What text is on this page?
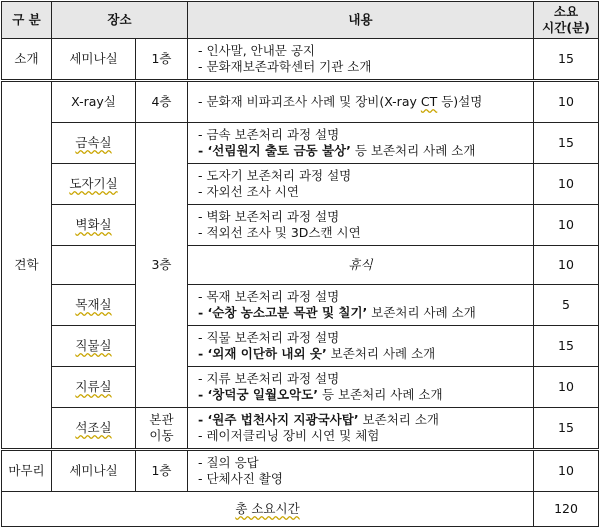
구 분	장소		내용	소요
시간(분)

소개	세미나실	1층	- 인사말, 안내문 공지
- 문화재보존과학센터 기관 소개	15
견학	X-ray실	4층	- 문화재 비파괴조사 사례 및 장비(X-ray CT 등)설명	10
	금속실	3층	- 금속 보존처리 과정 설명
- ‘선림원지 출토 금동 불상’ 등 보존처리 사례 소개	15
	도자기실		- 도자기 보존처리 과정 설명
- 자외선 조사 시연	10
	벽화실		- 벽화 보존처리 과정 설명
- 적외선 조사 및 3D스캔 시연	10
			휴식	10
	목재실		- 목재 보존처리 과정 설명
- ‘순창 농소고분 목관 및 칠기’ 보존처리 사례 소개	5
	직물실		- 직물 보존처리 과정 설명
- ‘외재 이단하 내외 옷’ 보존처리 사례 소개	15
	지류실		- 지류 보존처리 과정 설명
- ‘창덕궁 일월오악도’ 등 보존처리 사례 소개	10
	석조실	본관
이동	- ‘원주 법천사지 지광국사탑’ 보존처리 소개
- 레이저클리닝 장비 시연 및 체험	15
마무리	세미나실	1층	- 질의 응답
- 단체사진 촬영	10
총 소요시간				120
